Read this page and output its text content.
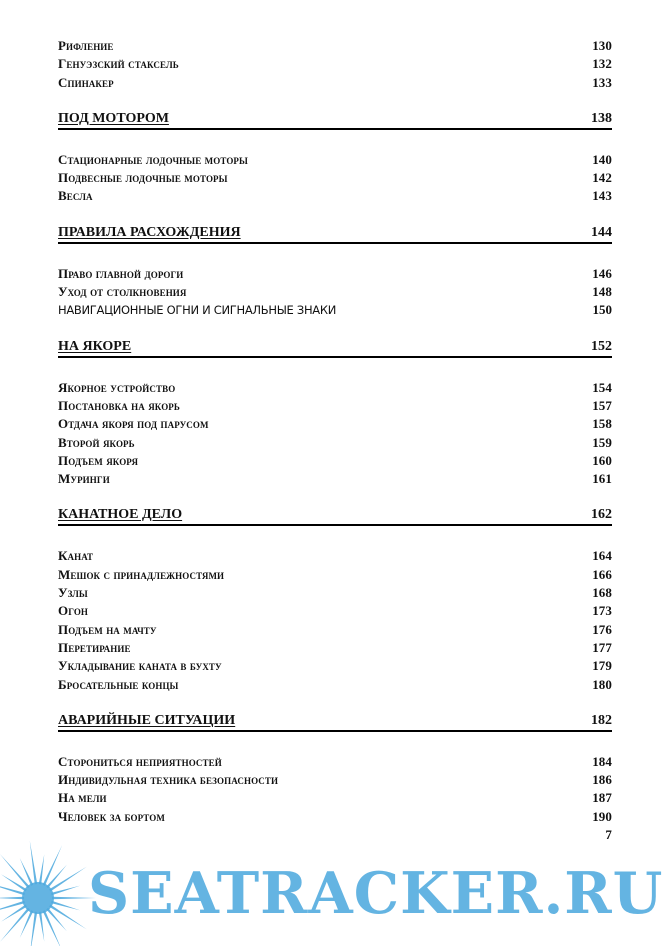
Рифление	130
Генуэзский стаксель	132
Спинакер	133
ПОД МОТОРОМ	138
Стационарные лодочные моторы	140
Подвесные лодочные моторы	142
Весла	143
ПРАВИЛА РАСХОЖДЕНИЯ	144
Право главной дороги	146
Уход от столкновения	148
НАВИГАЦИОННЫЕ ОГНИ И СИГНАЛЬНЫЕ ЗНАКИ	150
НА ЯКОРЕ	152
Якорное устройство	154
Постановка на якорь	157
Отдача якоря под парусом	158
Второй якорь	159
Подъем якоря	160
Муринги	161
КАНАТНОЕ ДЕЛО	162
Канат	164
Мешок с принадлежностями	166
Узлы	168
Огон	173
Подъем на мачту	176
Перетирание	177
Укладывание каната в бухту	179
Бросательные концы	180
АВАРИЙНЫЕ СИТУАЦИИ	182
Сторониться неприятностей	184
Индивидульная техника безопасности	186
На мели	187
Человек за бортом	190
7
SEATRACKER.RU
